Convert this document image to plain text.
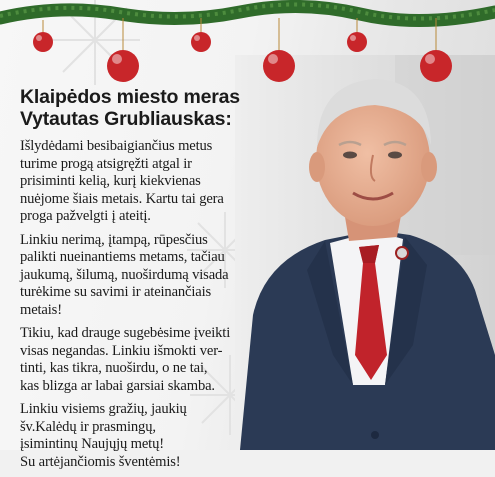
Klaipėdos miesto meras
Vytautas Grubliauskas:

Išlydėdami besibaigiančius metus
turime progą atsigręžti atgal ir
prisiminti kelią, kurį kiekvienas
nuėjome šiais metais. Kartu tai gera
proga pažvelgti į ateitį.

Linkiu nerimą, įtampą, rūpesčius
palikti nueinantiems metams, tačiau
jaukumą, šilumą, nuoširdumą visada
turėkime su savimi ir ateinančiais
metais!

Tikiu, kad drauge sugebėsime įveikti
visas negandas. Linkiu išmokti ver-
tinti, kas tikra, nuoširdu, o ne tai,
kas blizga ar labai garsiai skamba.

Linkiu visiems gražių, jaukių
šv.Kalėdų ir prasmingų,
įsimintinų Naujųjų metų!
Su artėjančiomis šventėmis!
